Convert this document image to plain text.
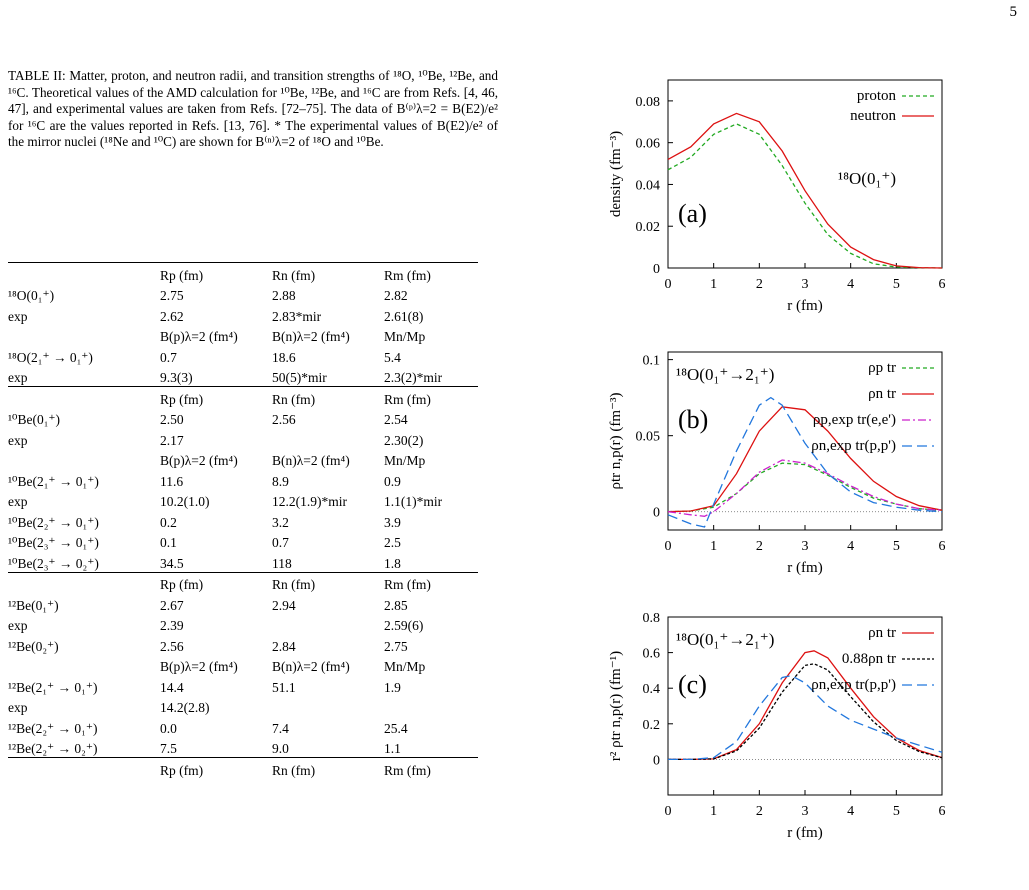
5
TABLE II: Matter, proton, and neutron radii, and transition strengths of ¹⁸O, ¹⁰Be, ¹²Be, and ¹⁶C. Theoretical values of the AMD calculation for ¹⁰Be, ¹²Be, and ¹⁶C are from Refs. [4, 46, 47], and experimental values are taken from Refs. [72–75]. The data of B⁽ᵖ⁾λ=2 = B(E2)/e² for ¹⁶C are the values reported in Refs. [13, 76]. * The experimental values of B(E2)/e² of the mirror nuclei (¹⁸Ne and ¹⁰C) are shown for B⁽ⁿ⁾λ=2 of ¹⁸O and ¹⁰Be.
	Rp (fm)	Rn (fm)	Rm (fm)
¹⁸O(0₁⁺)	2.75	2.88	2.82
exp	2.62	2.83*mir	2.61(8)
	B(p)λ=2 (fm⁴)	B(n)λ=2 (fm⁴)	Mn/Mp
¹⁸O(2₁⁺ → 0₁⁺)	0.7	18.6	5.4
exp	9.3(3)	50(5)*mir	2.3(2)*mir
	Rp (fm)	Rn (fm)	Rm (fm)
¹⁰Be(0₁⁺)	2.50	2.56	2.54
exp	2.17		2.30(2)
	B(p)λ=2 (fm⁴)	B(n)λ=2 (fm⁴)	Mn/Mp
¹⁰Be(2₁⁺ → 0₁⁺)	11.6	8.9	0.9
exp	10.2(1.0)	12.2(1.9)*mir	1.1(1)*mir
¹⁰Be(2₂⁺ → 0₁⁺)	0.2	3.2	3.9
¹⁰Be(2₃⁺ → 0₁⁺)	0.1	0.7	2.5
¹⁰Be(2₃⁺ → 0₂⁺)	34.5	118	1.8
	Rp (fm)	Rn (fm)	Rm (fm)
¹²Be(0₁⁺)	2.67	2.94	2.85
exp	2.39		2.59(6)
¹²Be(0₂⁺)	2.56	2.84	2.75
	B(p)λ=2 (fm⁴)	B(n)λ=2 (fm⁴)	Mn/Mp
¹²Be(2₁⁺ → 0₁⁺)	14.4	51.1	1.9
exp	14.2(2.8)		
¹²Be(2₂⁺ → 0₁⁺)	0.0	7.4	25.4
¹²Be(2₂⁺ → 0₂⁺)	7.5	9.0	1.1
	Rp (fm)	Rn (fm)	Rm (fm)
0	1	2	3	4	5	6
0
0.02
0.04
0.06
0.08
r (fm)
density (fm⁻³) (a)
¹⁸O(0₁⁺)
proton
neutron
0	1	2	3	4	5	6
0
0.05
0.1
r (fm)
ρtr n,p(r) (fm⁻³) (b)
¹⁸O(0₁⁺→2₁⁺)	ρp tr
ρn tr
ρp,exp tr(e,e')
ρn,exp tr(p,p')
0	1	2	3	4	5	6
0
0.2
0.4
0.6
0.8
r (fm)
r² ρtr n,p(r) (fm⁻¹) (c)
¹⁸O(0₁⁺→2₁⁺)	ρn tr
0.88ρn tr
ρn,exp tr(p,p')
